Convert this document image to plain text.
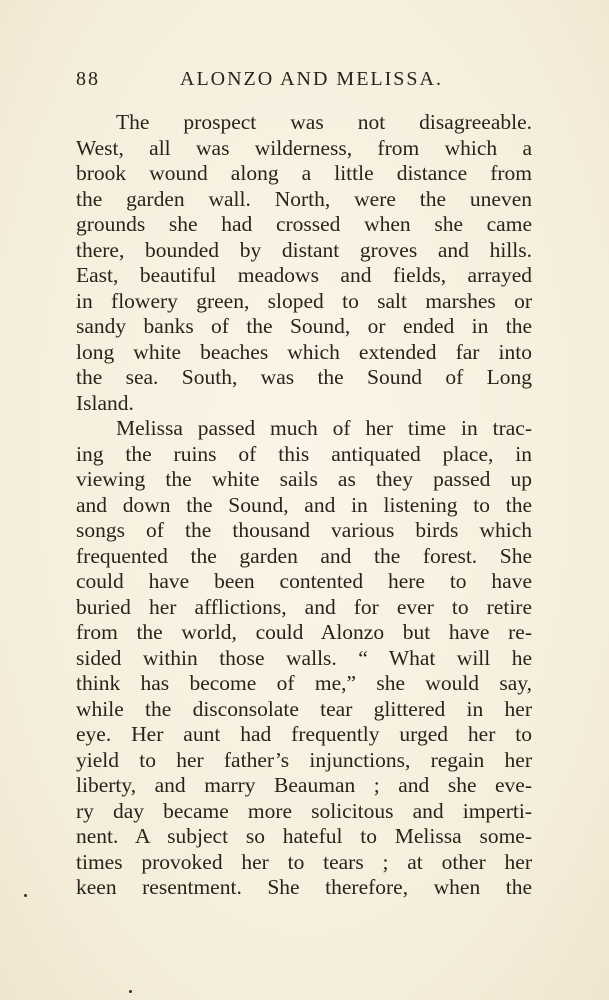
88	ALONZO AND MELISSA.
The prospect was not disagreeable.
West, all was wilderness, from which a
brook wound along a little distance from
the garden wall. North, were the uneven
grounds she had crossed when she came
there, bounded by distant groves and hills.
East, beautiful meadows and fields, arrayed
in flowery green, sloped to salt marshes or
sandy banks of the Sound, or ended in the
long white beaches which extended far into
the sea. South, was the Sound of Long
Island.
Melissa passed much of her time in trac-
ing the ruins of this antiquated place, in
viewing the white sails as they passed up
and down the Sound, and in listening to the
songs of the thousand various birds which
frequented the garden and the forest. She
could have been contented here to have
buried her afflictions, and for ever to retire
from the world, could Alonzo but have re-
sided within those walls. “ What will he
think has become of me,” she would say,
while the disconsolate tear glittered in her
eye. Her aunt had frequently urged her to
yield to her father’s injunctions, regain her
liberty, and marry Beauman ; and she eve-
ry day became more solicitous and imperti-
nent. A subject so hateful to Melissa some-
times provoked her to tears ; at other her
keen resentment. She therefore, when the
